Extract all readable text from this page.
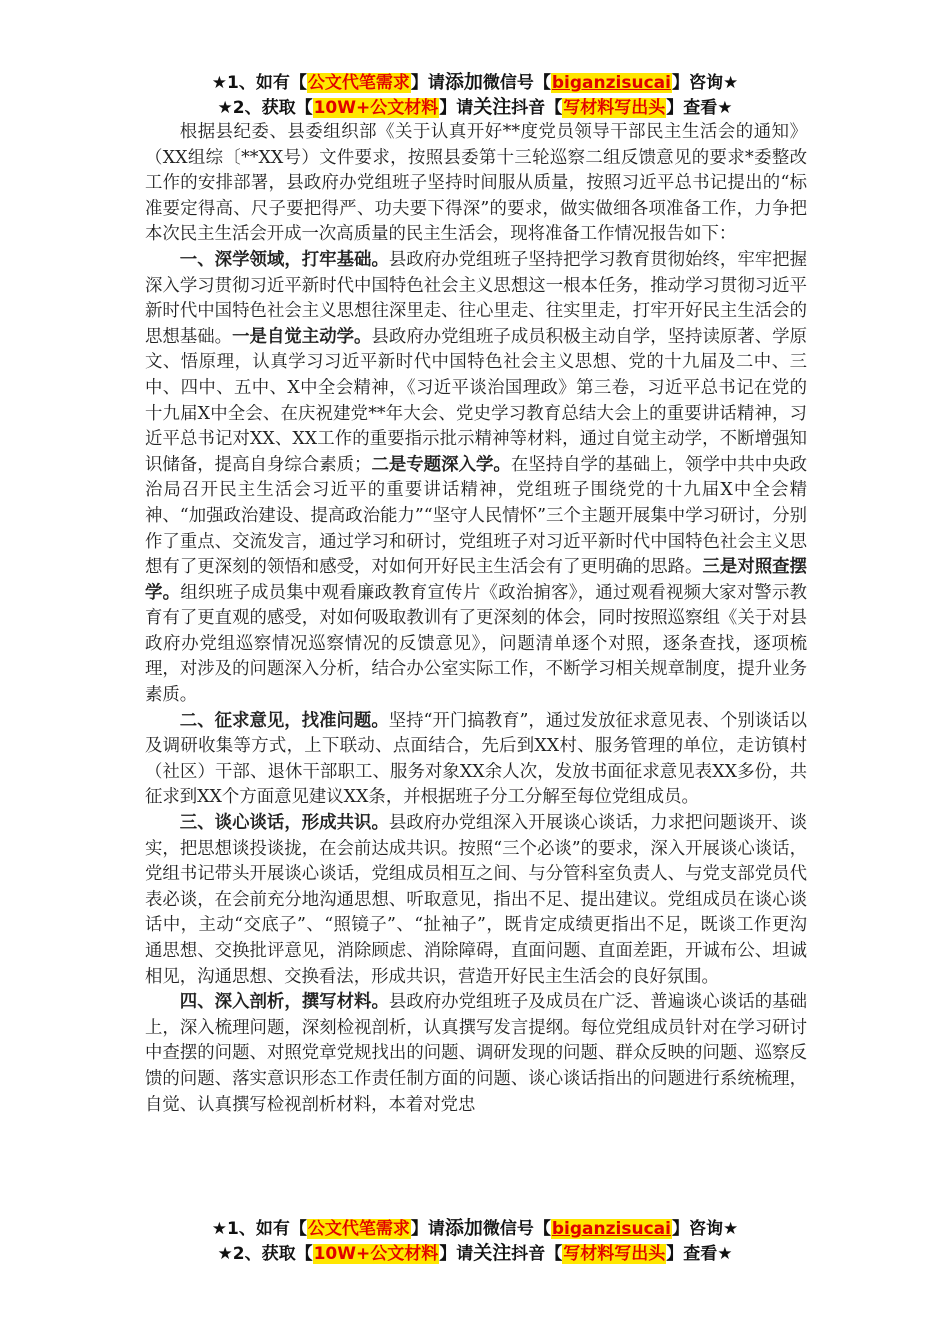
★1、如有【公文代笔需求】请添加微信号【biganzisucai】咨询★
★2、获取【10W+公文材料】请关注抖音【写材料写出头】查看★

根据县纪委、县委组织部《关于认真开好**度党员领导干部民主生活会的通知》（XX组综〔**XX号）文件要求，按照县委第十三轮巡察二组反馈意见的要求*委整改工作的安排部署，县政府办党组班子坚持时间服从质量，按照习近平总书记提出的“标准要定得高、尺子要把得严、功夫要下得深”的要求，做实做细各项准备工作，力争把本次民主生活会开成一次高质量的民主生活会，现将准备工作情况报告如下：

一、深学领域，打牢基础。县政府办党组班子坚持把学习教育贯彻始终，牢牢把握深入学习贯彻习近平新时代中国特色社会主义思想这一根本任务，推动学习贯彻习近平新时代中国特色社会主义思想往深里走、往心里走、往实里走，打牢开好民主生活会的思想基础。一是自觉主动学。县政府办党组班子成员积极主动自学，坚持读原著、学原文、悟原理，认真学习习近平新时代中国特色社会主义思想、党的十九届及二中、三中、四中、五中、X中全会精神，《习近平谈治国理政》第三卷，习近平总书记在党的十九届X中全会、在庆祝建党**年大会、党史学习教育总结大会上的重要讲话精神，习近平总书记对XX、XX工作的重要指示批示精神等材料，通过自觉主动学，不断增强知识储备，提高自身综合素质；二是专题深入学。在坚持自学的基础上，领学中共中央政治局召开民主生活会习近平的重要讲话精神，党组班子围绕党的十九届X中全会精神、“加强政治建设、提高政治能力”“坚守人民情怀”三个主题开展集中学习研讨，分别作了重点、交流发言，通过学习和研讨，党组班子对习近平新时代中国特色社会主义思想有了更深刻的领悟和感受，对如何开好民主生活会有了更明确的思路。三是对照查摆学。组织班子成员集中观看廉政教育宣传片《政治掮客》，通过观看视频大家对警示教育有了更直观的感受，对如何吸取教训有了更深刻的体会，同时按照巡察组《关于对县政府办党组巡察情况巡察情况的反馈意见》，问题清单逐个对照，逐条查找，逐项梳理，对涉及的问题深入分析，结合办公室实际工作，不断学习相关规章制度，提升业务素质。

二、征求意见，找准问题。坚持“开门搞教育”，通过发放征求意见表、个别谈话以及调研收集等方式，上下联动、点面结合，先后到XX村、服务管理的单位，走访镇村（社区）干部、退休干部职工、服务对象XX余人次，发放书面征求意见表XX多份，共征求到XX个方面意见建议XX条，并根据班子分工分解至每位党组成员。

三、谈心谈话，形成共识。县政府办党组深入开展谈心谈话，力求把问题谈开、谈实，把思想谈投谈拢，在会前达成共识。按照“三个必谈”的要求，深入开展谈心谈话，党组书记带头开展谈心谈话，党组成员相互之间、与分管科室负责人、与党支部党员代表必谈，在会前充分地沟通思想、听取意见，指出不足、提出建议。党组成员在谈心谈话中，主动“交底子”、“照镜子”、“扯袖子”，既肯定成绩更指出不足，既谈工作更沟通思想、交换批评意见，消除顾虑、消除障碍，直面问题、直面差距，开诚布公、坦诚相见，沟通思想、交换看法，形成共识，营造开好民主生活会的良好氛围。

四、深入剖析，撰写材料。县政府办党组班子及成员在广泛、普遍谈心谈话的基础上，深入梳理问题，深刻检视剖析，认真撰写发言提纲。每位党组成员针对在学习研讨中查摆的问题、对照党章党规找出的问题、调研发现的问题、群众反映的问题、巡察反馈的问题、落实意识形态工作责任制方面的问题、谈心谈话指出的问题进行系统梳理，自觉、认真撰写检视剖析材料，本着对党忠

★1、如有【公文代笔需求】请添加微信号【biganzisucai】咨询★
★2、获取【10W+公文材料】请关注抖音【写材料写出头】查看★
